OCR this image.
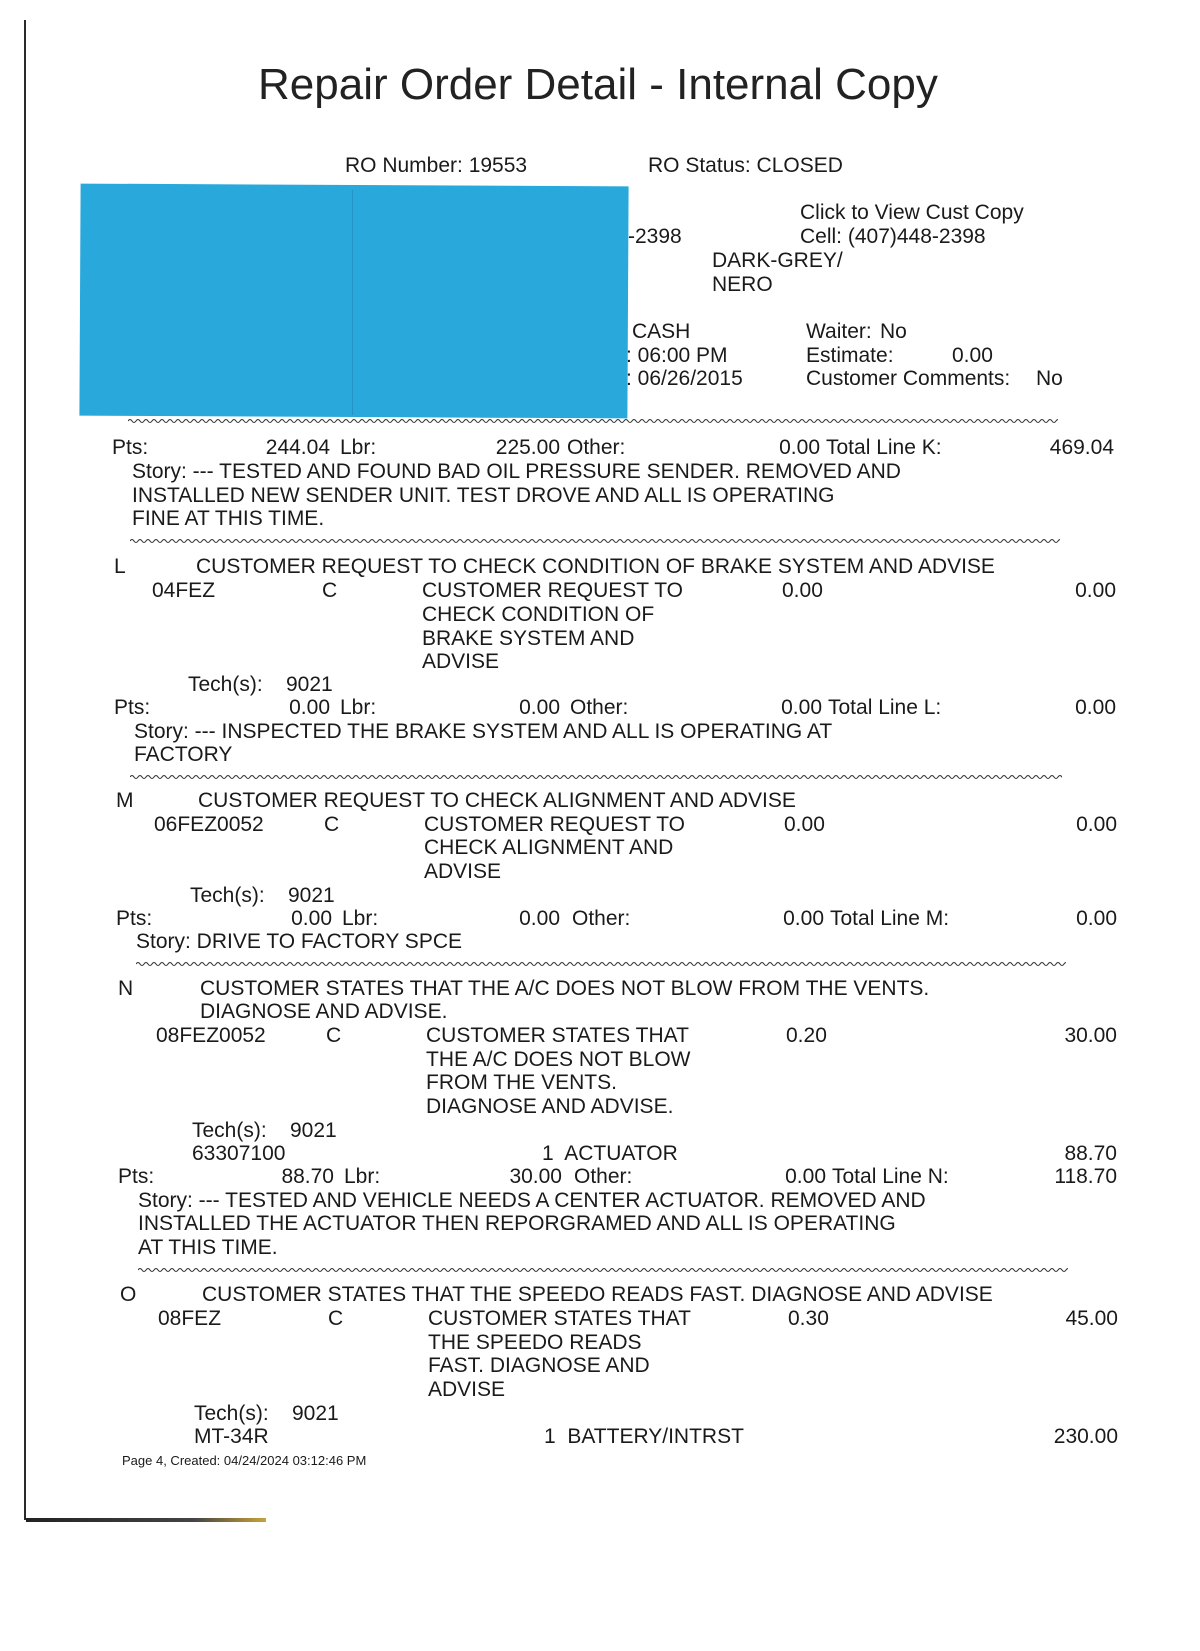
Repair Order Detail - Internal Copy
RO Number: 19553	RO Status: CLOSED
-2398
Click to View Cust Copy
Cell: (407)448-2398
DARK-GREY/
NERO
CASH
: 06:00 PM
: 06/26/2015
Waiter: No
Estimate:	0.00
Customer Comments: No
Pts:	244.04 Lbr:	225.00 Other:	0.00 Total Line K:	469.04
Story: --- TESTED AND FOUND BAD OIL PRESSURE SENDER. REMOVED AND
INSTALLED NEW SENDER UNIT. TEST DROVE AND ALL IS OPERATING
FINE AT THIS TIME.
L	CUSTOMER REQUEST TO CHECK CONDITION OF BRAKE SYSTEM AND ADVISE
04FEZ	C	CUSTOMER REQUEST TO
CHECK CONDITION OF
BRAKE SYSTEM AND
ADVISE
0.00	0.00
Tech(s): 9021
Pts:	0.00 Lbr:	0.00 Other:	0.00 Total Line L:	0.00
Story: --- INSPECTED THE BRAKE SYSTEM AND ALL IS OPERATING AT
FACTORY
M	CUSTOMER REQUEST TO CHECK ALIGNMENT AND ADVISE
06FEZ0052	C	CUSTOMER REQUEST TO
CHECK ALIGNMENT AND
ADVISE
0.00	0.00
Tech(s): 9021
Pts:	0.00 Lbr:	0.00 Other:	0.00 Total Line M:	0.00
Story: DRIVE TO FACTORY SPCE
N	CUSTOMER STATES THAT THE A/C DOES NOT BLOW FROM THE VENTS.
DIAGNOSE AND ADVISE.
08FEZ0052	C	CUSTOMER STATES THAT
THE A/C DOES NOT BLOW
FROM THE VENTS.
DIAGNOSE AND ADVISE.
0.20	30.00
Tech(s): 9021
63307100	1  ACTUATOR	88.70
Pts:	88.70 Lbr:	30.00 Other:	0.00 Total Line N:	118.70
Story: --- TESTED AND VEHICLE NEEDS A CENTER ACTUATOR. REMOVED AND
INSTALLED THE ACTUATOR THEN REPORGRAMED AND ALL IS OPERATING
AT THIS TIME.
O	CUSTOMER STATES THAT THE SPEEDO READS FAST. DIAGNOSE AND ADVISE
08FEZ	C	CUSTOMER STATES THAT
THE SPEEDO READS
FAST. DIAGNOSE AND
ADVISE
0.30	45.00
Tech(s): 9021
MT-34R	1  BATTERY/INTRST	230.00
Page 4, Created: 04/24/2024 03:12:46 PM
